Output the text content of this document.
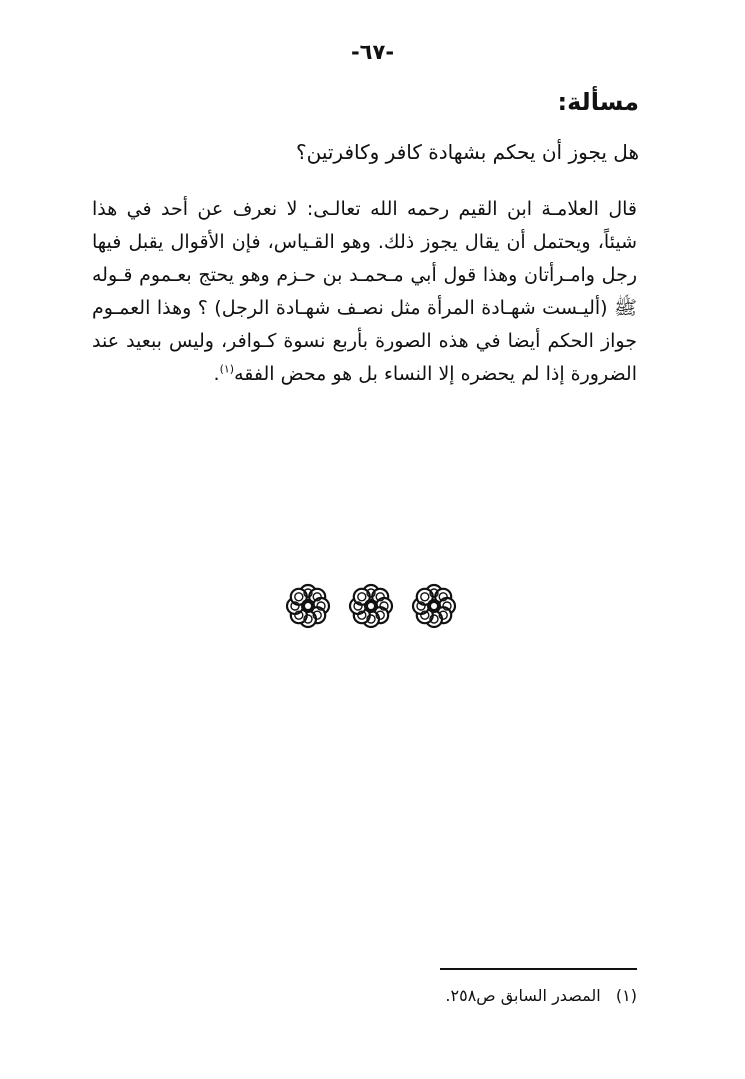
-٦٧-
مسألة:
هل يجوز أن يحكم بشهادة كافر وكافرتين؟
قال العلامـة ابن القيم رحمه الله تعالـى: لا نعرف عن أحد في هذا
شيئاً، ويحتمل أن يقال يجوز ذلك. وهو القـياس، فإن الأقوال يقبل فيها
رجل وامـرأتان وهذا قول أبي مـحمـد بن حـزم وهو يحتج بعـموم قـوله
ﷺ (أليـست شهـادة المرأة مثل نصـف شهـادة الرجل) ؟ وهذا العمـوم
جواز الحكم أيضا في هذه الصورة بأربع نسوة كـوافر، وليس ببعيد عند
الضرورة إذا لم يحضره إلا النساء بل هو محض الفقه$^{(١)}$.
(١)   المصدر السابق ص٢٥٨.
